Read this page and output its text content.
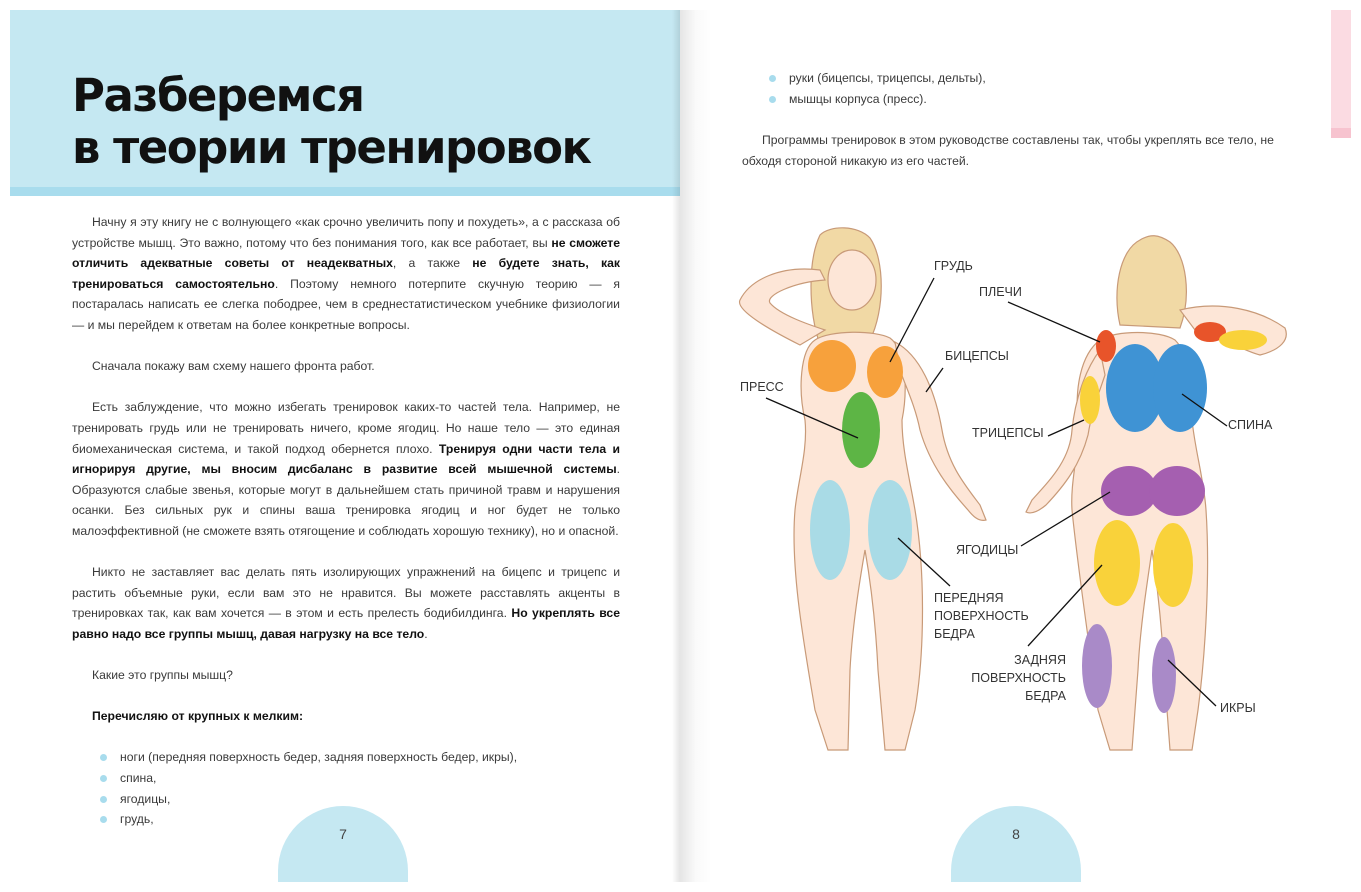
Разберемся
в теории тренировок

Начну я эту книгу не с волнующего «как срочно увеличить попу и похудеть», а с рассказа об устройстве мышц. Это важно, потому что без понимания того, как все работает, вы не сможете отличить адекватные советы от неадекватных, а также не будете знать, как тренироваться самостоятельно. Поэтому немного потерпите скучную теорию — я постаралась написать ее слегка пободрее, чем в среднестатистическом учебнике физиологии — и мы перейдем к ответам на более конкретные вопросы.

Сначала покажу вам схему нашего фронта работ.

Есть заблуждение, что можно избегать тренировок каких-то частей тела. Например, не тренировать грудь или не тренировать ничего, кроме ягодиц. Но наше тело — это единая биомеханическая система, и такой подход обернется плохо. Тренируя одни части тела и игнорируя другие, мы вносим дисбаланс в развитие всей мышечной системы. Образуются слабые звенья, которые могут в дальнейшем стать причиной травм и нарушения осанки. Без сильных рук и спины ваша тренировка ягодиц и ног будет не только малоэффективной (не сможете взять отягощение и соблюдать хорошую технику), но и опасной.

Никто не заставляет вас делать пять изолирующих упражнений на бицепс и трицепс и растить объемные руки, если вам это не нравится. Вы можете расставлять акценты в тренировках так, как вам хочется — в этом и есть прелесть бодибилдинга. Но укреплять все равно надо все группы мышц, давая нагрузку на все тело.

Какие это группы мышц?

Перечисляю от крупных к мелким:

ноги (передняя поверхность бедер, задняя поверхность бедер, икры),
спина,
ягодицы,
грудь,
7
руки (бицепсы, трицепсы, дельты),
мышцы корпуса (пресс).

Программы тренировок в этом руководстве составлены так, чтобы укреплять все тело, не обходя стороной никакую из его частей.

8
ГРУДЬ
ПЛЕЧИ
БИЦЕПСЫ
ПРЕСС
ТРИЦЕПСЫ
СПИНА
ЯГОДИЦЫ
ПЕРЕДНЯЯ
ПОВЕРХНОСТЬ
БЕДРА
ЗАДНЯЯ
ПОВЕРХНОСТЬ
БЕДРА
ИКРЫ
